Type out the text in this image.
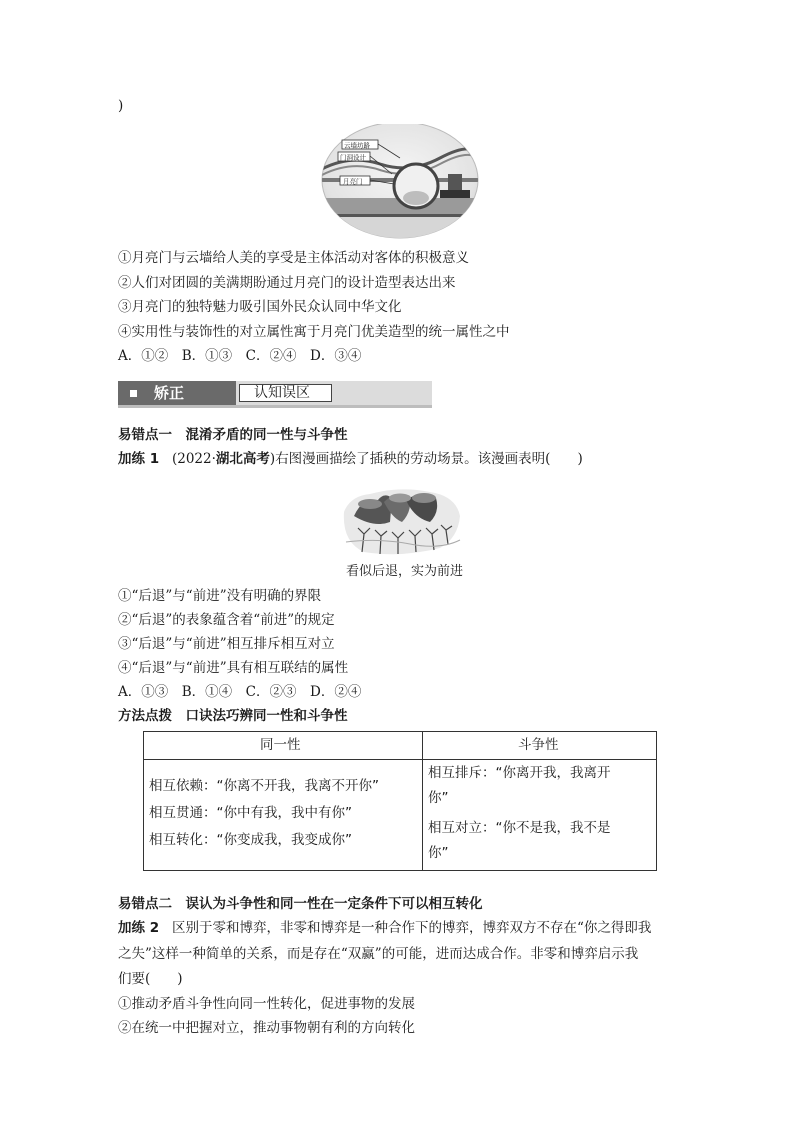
)
云墙坊路
门洞设计
月亮门
①月亮门与云墙给人美的享受是主体活动对客体的积极意义
②人们对团圆的美满期盼通过月亮门的设计造型表达出来
③月亮门的独特魅力吸引国外民众认同中华文化
④实用性与装饰性的对立属性寓于月亮门优美造型的统一属性之中
A．①②　B．①③　C．②④　D．③④
矫正	认知误区
易错点一　混淆矛盾的同一性与斗争性
加练 1 (2022·湖北高考)右图漫画描绘了插秧的劳动场景。该漫画表明(　　)
看似后退，实为前进
①“后退”与“前进”没有明确的界限
②“后退”的表象蕴含着“前进”的规定
③“后退”与“前进”相互排斥相互对立
④“后退”与“前进”具有相互联结的属性
A．①③　B．①④　C．②③　D．②④
方法点拨　口诀法巧辨同一性和斗争性
同一性	斗争性
相互依赖：“你离不开我，我离不开你”
相互贯通：“你中有我，我中有你”
相互转化：“你变成我，我变成你”
相互排斥：“你离开我，我离开
你”
相互对立：“你不是我，我不是
你”
易错点二　误认为斗争性和同一性在一定条件下可以相互转化
加练 2 区别于零和博弈，非零和博弈是一种合作下的博弈，博弈双方不存在“你之得即我
之失”这样一种简单的关系，而是存在“双赢”的可能，进而达成合作。非零和博弈启示我
们要(　　)
①推动矛盾斗争性向同一性转化，促进事物的发展
②在统一中把握对立，推动事物朝有利的方向转化
